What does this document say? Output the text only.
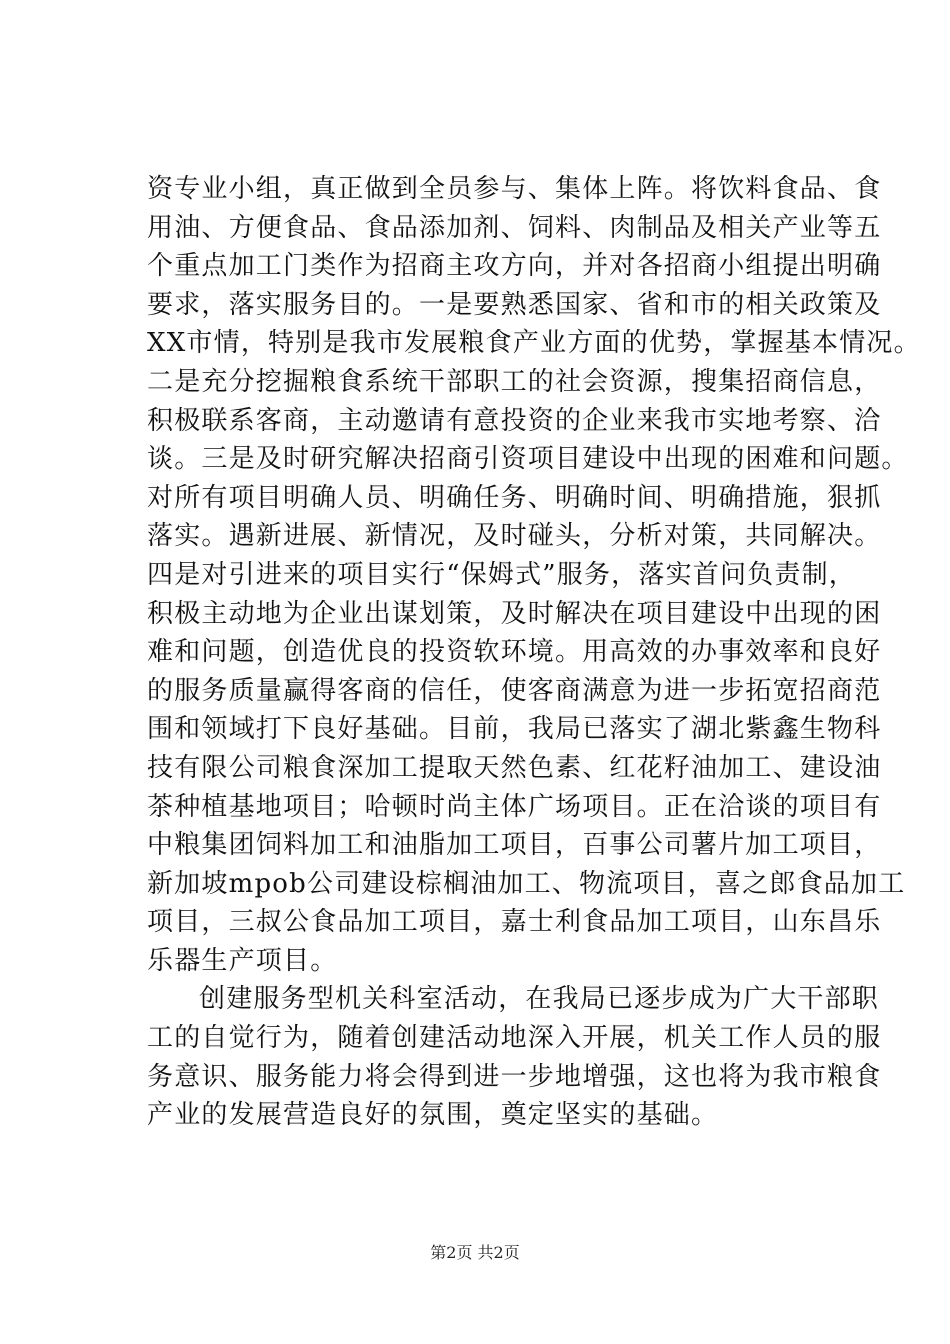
资专业小组，真正做到全员参与、集体上阵。将饮料食品、食
用油、方便食品、食品添加剂、饲料、肉制品及相关产业等五
个重点加工门类作为招商主攻方向，并对各招商小组提出明确
要求，落实服务目的。一是要熟悉国家、省和市的相关政策及
XX市情，特别是我市发展粮食产业方面的优势，掌握基本情况。
二是充分挖掘粮食系统干部职工的社会资源，搜集招商信息，
积极联系客商，主动邀请有意投资的企业来我市实地考察、洽
谈。三是及时研究解决招商引资项目建设中出现的困难和问题。
对所有项目明确人员、明确任务、明确时间、明确措施，狠抓
落实。遇新进展、新情况，及时碰头，分析对策，共同解决。
四是对引进来的项目实行“保姆式”服务，落实首问负责制，
积极主动地为企业出谋划策，及时解决在项目建设中出现的困
难和问题，创造优良的投资软环境。用高效的办事效率和良好
的服务质量赢得客商的信任，使客商满意为进一步拓宽招商范
围和领域打下良好基础。目前，我局已落实了湖北紫鑫生物科
技有限公司粮食深加工提取天然色素、红花籽油加工、建设油
茶种植基地项目；哈顿时尚主体广场项目。正在洽谈的项目有
中粮集团饲料加工和油脂加工项目，百事公司薯片加工项目，
新加坡mpob公司建设棕榈油加工、物流项目，喜之郎食品加工
项目，三叔公食品加工项目，嘉士利食品加工项目，山东昌乐
乐器生产项目。
创建服务型机关科室活动，在我局已逐步成为广大干部职
工的自觉行为，随着创建活动地深入开展，机关工作人员的服
务意识、服务能力将会得到进一步地增强，这也将为我市粮食
产业的发展营造良好的氛围，奠定坚实的基础。
第2页 共2页
